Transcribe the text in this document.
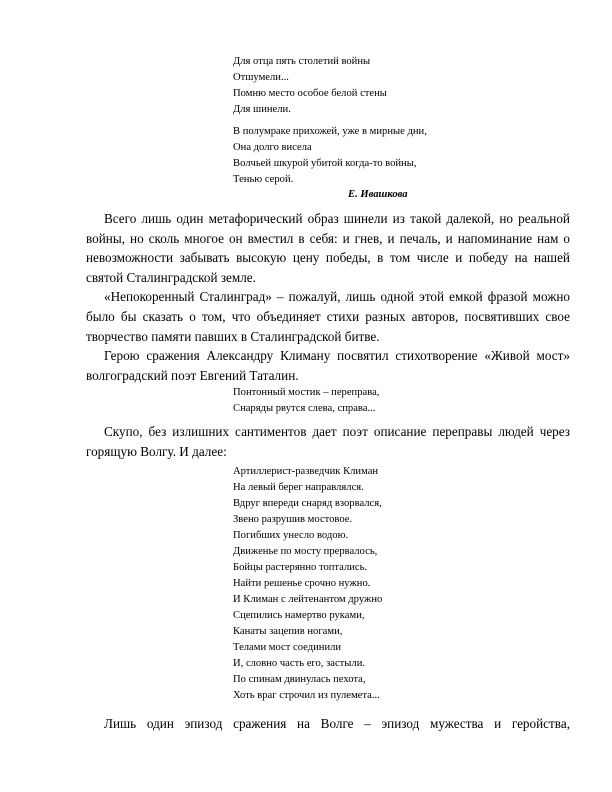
Для отца пять столетий войны
Отшумели...
Помню место особое белой стены
Для шинели.
В полумраке прихожей, уже в мирные дни,
Она долго висела
Волчьей шкурой убитой когда-то войны,
Тенью серой.
Е. Ивашкова

Всего лишь один метафорический образ шинели из такой далекой, но реальной войны, но сколь многое он вместил в себя: и гнев, и печаль, и напоминание нам о невозможности забывать высокую цену победы, в том числе и победу на нашей святой Сталинградской земле.

«Непокоренный Сталинград» – пожалуй, лишь одной этой емкой фразой можно было бы сказать о том, что объединяет стихи разных авторов, посвятивших свое творчество памяти павших в Сталинградской битве.

Герою сражения Александру Климану посвятил стихотворение «Живой мост» волгоградский поэт Евгений Таталин.

Понтонный мостик – переправа,
Снаряды рвутся слева, справа...

Скупо, без излишних сантиментов дает поэт описание переправы людей через горящую Волгу. И далее:

Артиллерист-разведчик Климан
На левый берег направлялся.
Вдруг впереди снаряд взорвался,
Звено разрушив мостовое.
Погибших унесло водою.
Движенье по мосту прервалось,
Бойцы растерянно топтались.
Найти решенье срочно нужно.
И Климан с лейтенантом дружно
Сцепились намертво руками,
Канаты зацепив ногами,
Телами мост соединили
И, словно часть его, застыли.
По спинам двинулась пехота,
Хоть враг строчил из пулемета...

Лишь один эпизод сражения на Волге – эпизод мужества и геройства,
